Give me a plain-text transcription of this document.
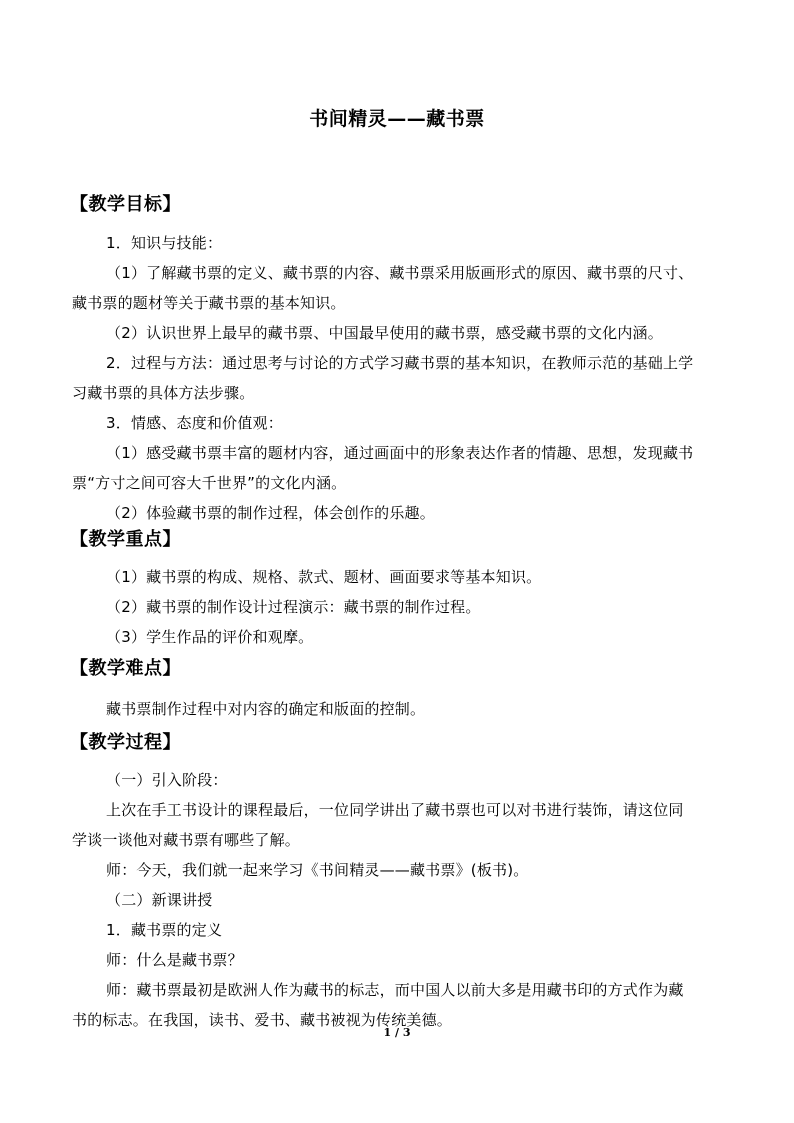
书间精灵——藏书票
【教学目标】
1．知识与技能：
（1）了解藏书票的定义、藏书票的内容、藏书票采用版画形式的原因、藏书票的尺寸、
藏书票的题材等关于藏书票的基本知识。
（2）认识世界上最早的藏书票、中国最早使用的藏书票，感受藏书票的文化内涵。
2．过程与方法：通过思考与讨论的方式学习藏书票的基本知识，在教师示范的基础上学
习藏书票的具体方法步骤。
3．情感、态度和价值观：
（1）感受藏书票丰富的题材内容，通过画面中的形象表达作者的情趣、思想，发现藏书
票“方寸之间可容大千世界”的文化内涵。
（2）体验藏书票的制作过程，体会创作的乐趣。
【教学重点】
（1）藏书票的构成、规格、款式、题材、画面要求等基本知识。
（2）藏书票的制作设计过程演示：藏书票的制作过程。
（3）学生作品的评价和观摩。
【教学难点】
藏书票制作过程中对内容的确定和版面的控制。
【教学过程】
（一）引入阶段：
上次在手工书设计的课程最后，一位同学讲出了藏书票也可以对书进行装饰，请这位同
学谈一谈他对藏书票有哪些了解。
师：今天，我们就一起来学习《书间精灵——藏书票》(板书)。
（二）新课讲授
1．藏书票的定义
师：什么是藏书票？
师：藏书票最初是欧洲人作为藏书的标志，而中国人以前大多是用藏书印的方式作为藏
书的标志。在我国，读书、爱书、藏书被视为传统美德。
1 / 3
